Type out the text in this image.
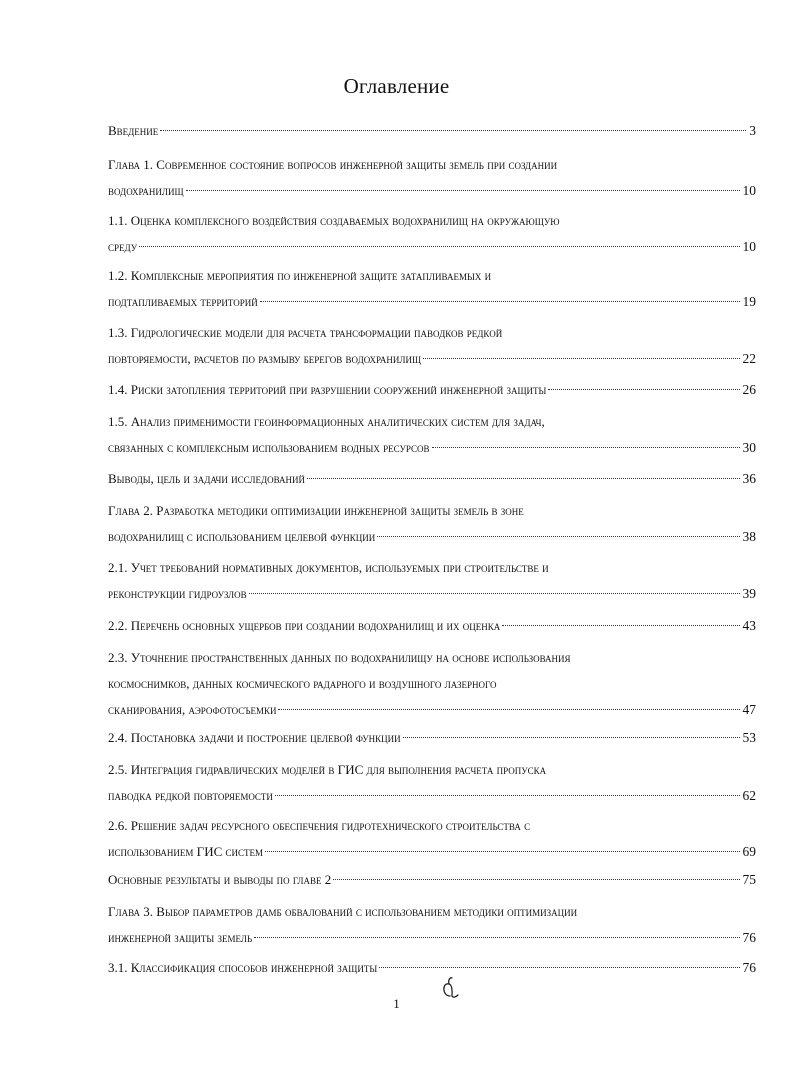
Оглавление
Введение	3
Глава 1. Современное состояние вопросов инженерной защиты земель при создании
водохранилищ	10
1.1. Оценка комплексного воздействия создаваемых водохранилищ на окружающую
среду	10
1.2. Комплексные мероприятия по инженерной защите затапливаемых и
подтапливаемых территорий	19
1.3. Гидрологические модели для расчета трансформации паводков редкой
повторяемости, расчетов по размыву берегов водохранилищ	22
1.4. Риски затопления территорий при разрушении сооружений инженерной защиты	26
1.5. Анализ применимости геоинформационных аналитических систем для задач,
связанных с комплексным использованием водных ресурсов	30
Выводы, цель и задачи исследований	36
Глава 2. Разработка методики оптимизации инженерной защиты земель в зоне
водохранилищ с использованием целевой функции	38
2.1. Учет требований нормативных документов, используемых при строительстве и
реконструкции гидроузлов	39
2.2. Перечень основных ущербов при создании водохранилищ и их оценка	43
2.3. Уточнение пространственных данных по водохранилищу на основе использования
космоснимков, данных космического радарного и воздушного лазерного
сканирования, аэрофотосъемки	47
2.4. Постановка задачи и построение целевой функции	53
2.5. Интеграция гидравлических моделей в ГИС для выполнения расчета пропуска
паводка редкой повторяемости	62
2.6. Решение задач ресурсного обеспечения гидротехнического строительства с
использованием ГИС систем	69
Основные результаты и выводы по главе 2	75
Глава 3. Выбор параметров дамб обвалований с использованием методики оптимизации
инженерной защиты земель	76
3.1. Классификация способов инженерной защиты	76
1
